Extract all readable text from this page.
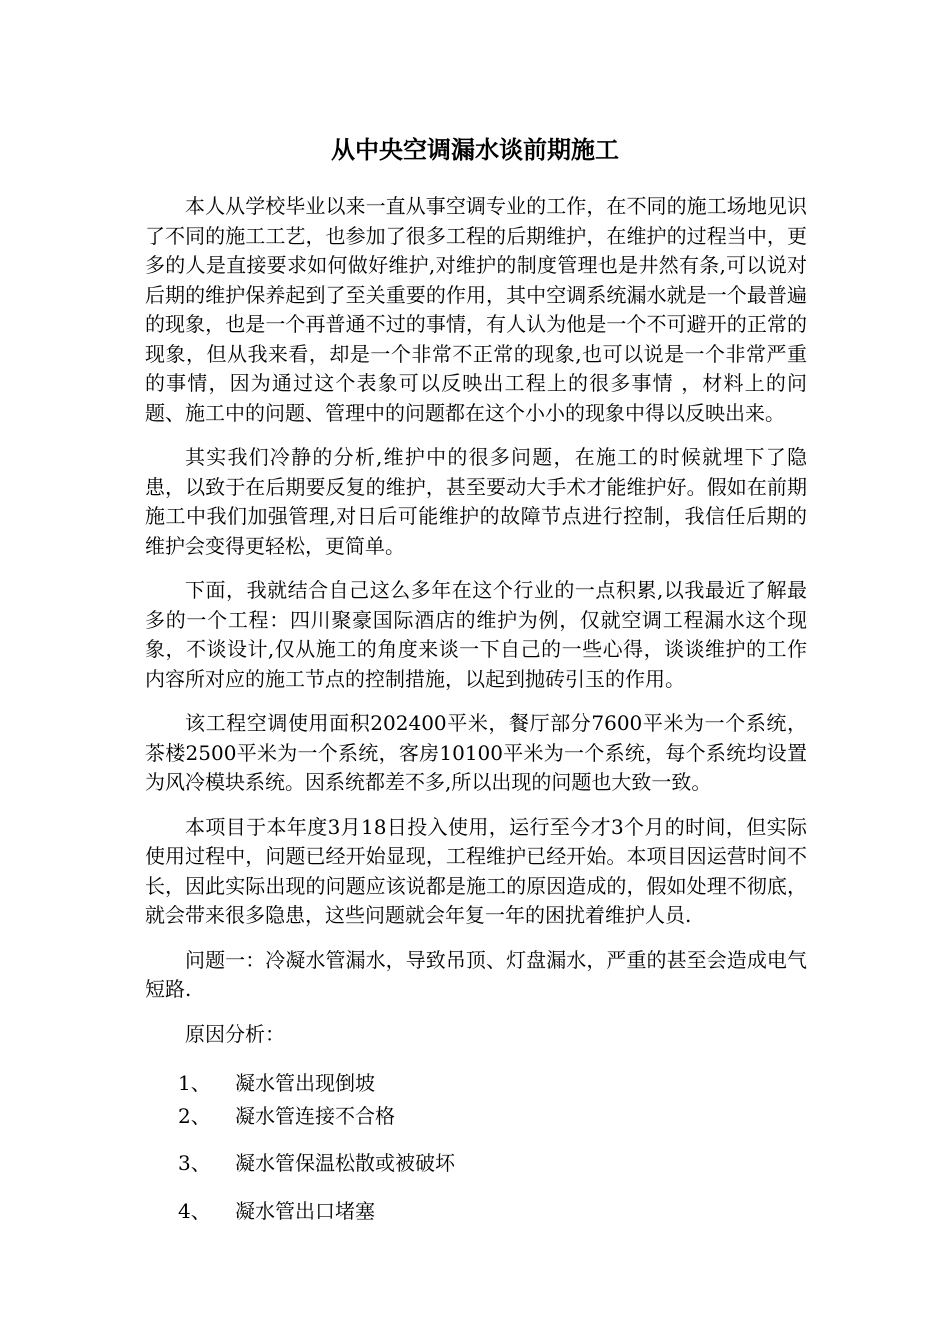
从中央空调漏水谈前期施工

本人从学校毕业以来一直从事空调专业的工作，在不同的施工场地见识了不同的施工工艺，也参加了很多工程的后期维护，在维护的过程当中，更多的人是直接要求如何做好维护,对维护的制度管理也是井然有条,可以说对后期的维护保养起到了至关重要的作用，其中空调系统漏水就是一个最普遍的现象，也是一个再普通不过的事情，有人认为他是一个不可避开的正常的现象，但从我来看，却是一个非常不正常的现象,也可以说是一个非常严重的事情，因为通过这个表象可以反映出工程上的很多事情 ，材料上的问题、施工中的问题、管理中的问题都在这个小小的现象中得以反映出来。

其实我们冷静的分析,维护中的很多问题，在施工的时候就埋下了隐患，以致于在后期要反复的维护，甚至要动大手术才能维护好。假如在前期施工中我们加强管理,对日后可能维护的故障节点进行控制，我信任后期的维护会变得更轻松，更简单。

下面，我就结合自己这么多年在这个行业的一点积累,以我最近了解最多的一个工程：四川聚豪国际酒店的维护为例，仅就空调工程漏水这个现象，不谈设计,仅从施工的角度来谈一下自己的一些心得，谈谈维护的工作内容所对应的施工节点的控制措施，以起到抛砖引玉的作用。

该工程空调使用面积202400平米，餐厅部分7600平米为一个系统，茶楼2500平米为一个系统，客房10100平米为一个系统，每个系统均设置为风冷模块系统。因系统都差不多,所以出现的问题也大致一致。

本项目于本年度3月18日投入使用，运行至今才3个月的时间，但实际使用过程中，问题已经开始显现，工程维护已经开始。本项目因运营时间不长，因此实际出现的问题应该说都是施工的原因造成的，假如处理不彻底，就会带来很多隐患，这些问题就会年复一年的困扰着维护人员.

问题一：冷凝水管漏水，导致吊顶、灯盘漏水，严重的甚至会造成电气短路.

原因分析：

1、 凝水管出现倒坡
2、 凝水管连接不合格
3、 凝水管保温松散或被破坏
4、 凝水管出口堵塞
